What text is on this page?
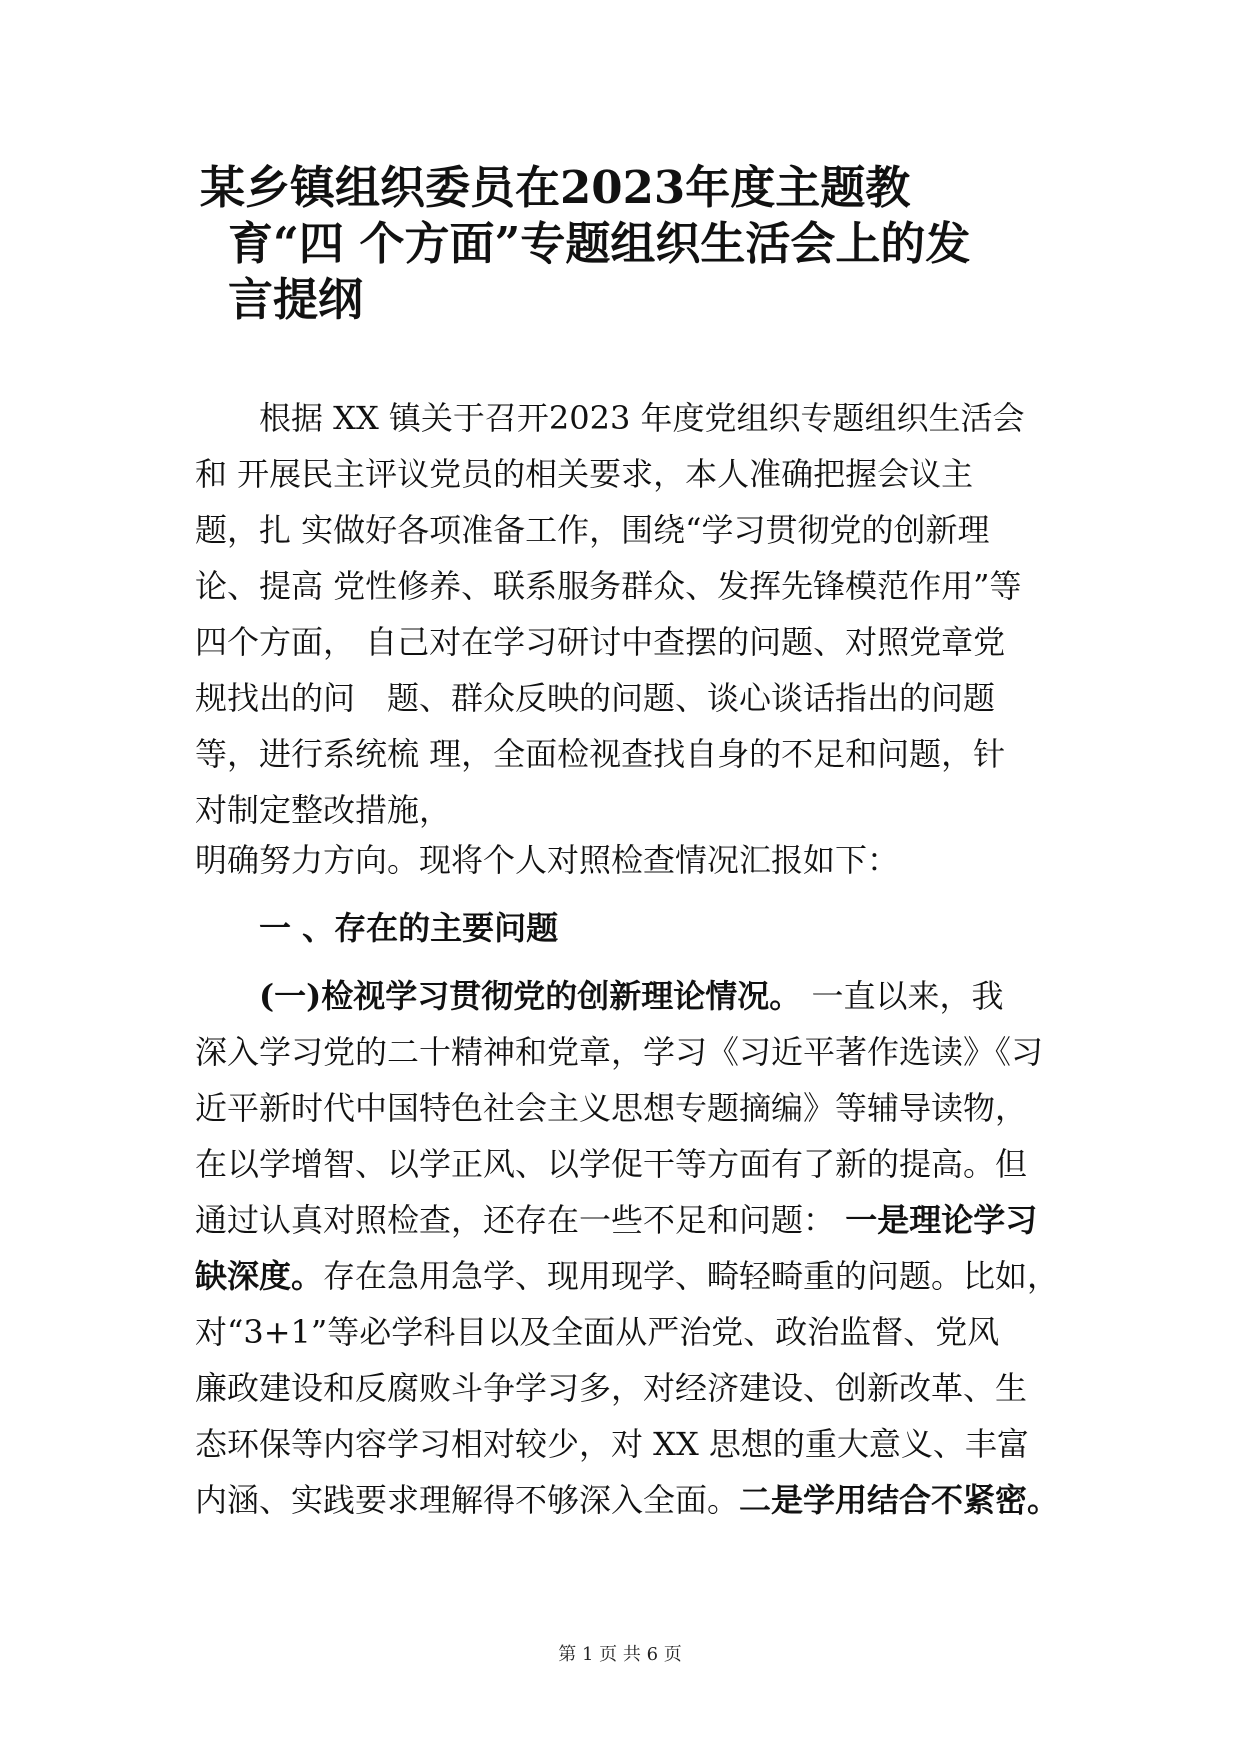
某乡镇组织委员在2023年度主题教
育“四 个方面”专题组织生活会上的发
言提纲
根据 XX 镇关于召开2023 年度党组织专题组织生活会
和 开展民主评议党员的相关要求，本人准确把握会议主
题，扎 实做好各项准备工作，围绕“学习贯彻党的创新理
论、提高 党性修养、联系服务群众、发挥先锋模范作用”等
四个方面， 自己对在学习研讨中查摆的问题、对照党章党
规找出的问　题、群众反映的问题、谈心谈话指出的问题
等，进行系统梳 理，全面检视查找自身的不足和问题，针
对制定整改措施，
明确努力方向。现将个人对照检查情况汇报如下：
一 、存在的主要问题
(一)检视学习贯彻党的创新理论情况。 一直以来，我
深入学习党的二十精神和党章，学习《习近平著作选读》《习
近平新时代中国特色社会主义思想专题摘编》等辅导读物，
在以学增智、以学正风、以学促干等方面有了新的提高。但
通过认真对照检查，还存在一些不足和问题： 一是理论学习
缺深度。存在急用急学、现用现学、畸轻畸重的问题。比如，
对“3+1”等必学科目以及全面从严治党、政治监督、党风
廉政建设和反腐败斗争学习多，对经济建设、创新改革、生
态环保等内容学习相对较少，对 XX 思想的重大意义、丰富
内涵、实践要求理解得不够深入全面。二是学用结合不紧密。
第 1 页 共 6 页
